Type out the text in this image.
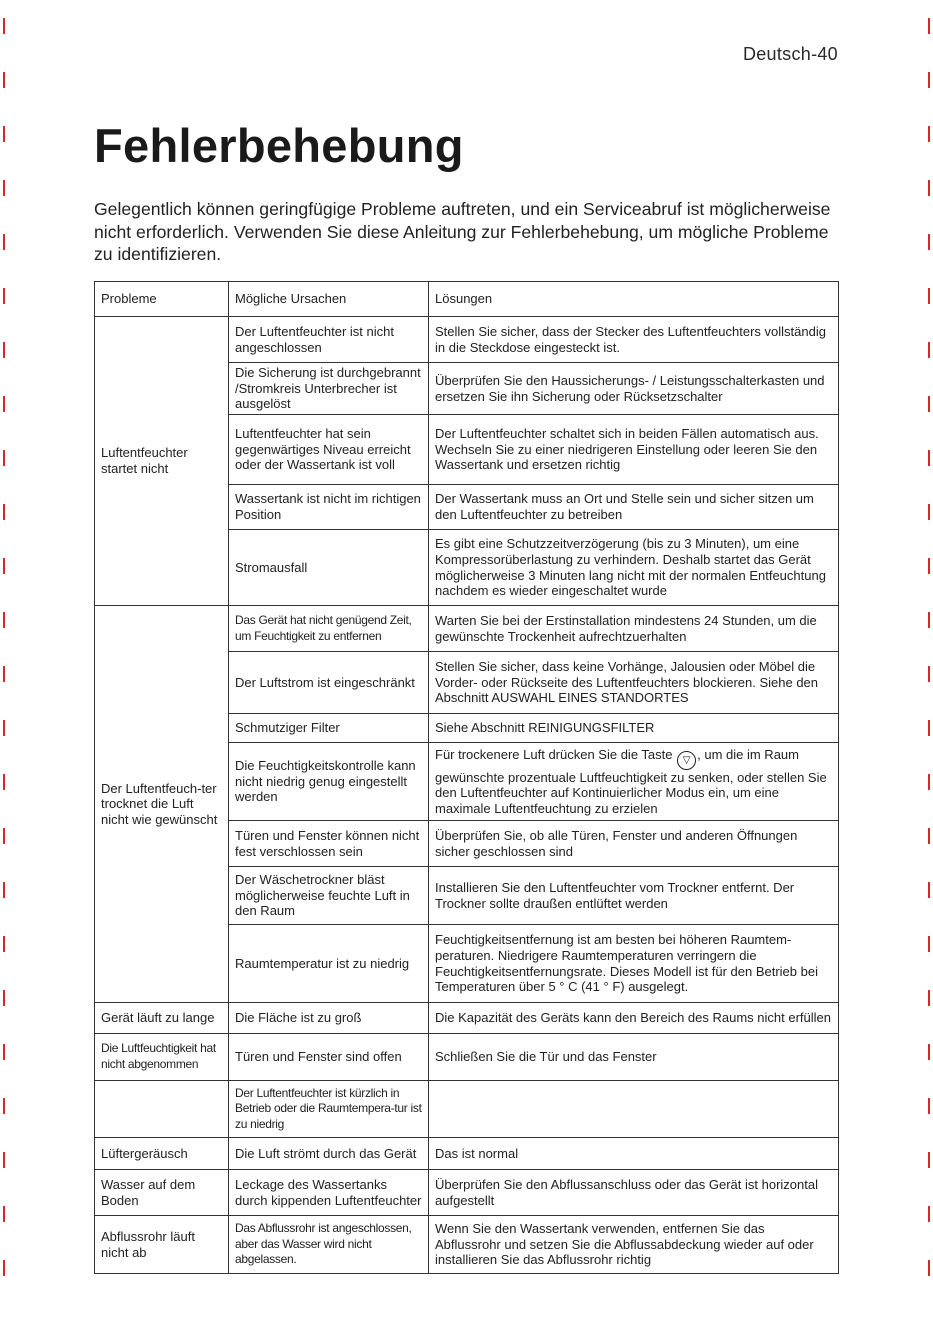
Deutsch-40
Fehlerbehebung

Gelegentlich können geringfügige Probleme auftreten, und ein Serviceabruf ist möglicherweise nicht erforderlich. Verwenden Sie diese Anleitung zur Fehlerbehebung, um mögliche Probleme zu identifizieren.

Probleme	Mögliche Ursachen	Lösungen
Luftentfeuchter startet nicht	Der Luftentfeuchter ist nicht angeschlossen	Stellen Sie sicher, dass der Stecker des Luftentfeuchters vollständig in die Steckdose eingesteckt ist.
	Die Sicherung ist durchgebrannt /Stromkreis Unterbrecher ist ausgelöst	Überprüfen Sie den Haussicherungs- / Leistungsschalterkasten und ersetzen Sie ihn Sicherung oder Rücksetzschalter
	Luftentfeuchter hat sein gegenwärtiges Niveau erreicht oder der Wassertank ist voll	Der Luftentfeuchter schaltet sich in beiden Fällen automatisch aus. Wechseln Sie zu einer niedrigeren Einstellung oder leeren Sie den Wassertank und ersetzen richtig
	Wassertank ist nicht im richtigen Position	Der Wassertank muss an Ort und Stelle sein und sicher sitzen um den Luftentfeuchter zu betreiben
	Stromausfall	Es gibt eine Schutzzeitverzögerung (bis zu 3 Minuten), um eine Kompressorüberlastung zu verhindern. Deshalb startet das Gerät möglicherweise 3 Minuten lang nicht mit der normalen Entfeuchtung nachdem es wieder eingeschaltet wurde
Der Luftentfeuch-ter trocknet die Luft nicht wie gewünscht	Das Gerät hat nicht genügend Zeit, um Feuchtigkeit zu entfernen	Warten Sie bei der Erstinstallation mindestens 24 Stunden, um die gewünschte Trockenheit aufrechtzuerhalten
	Der Luftstrom ist eingeschränkt	Stellen Sie sicher, dass keine Vorhänge, Jalousien oder Möbel die Vorder- oder Rückseite des Luftentfeuchters blockieren. Siehe den Abschnitt AUSWAHL EINES STANDORTES
	Schmutziger Filter	Siehe Abschnitt REINIGUNGSFILTER
	Die Feuchtigkeitskontrolle kann nicht niedrig genug eingestellt werden	Für trockenere Luft drücken Sie die Taste ▽ , um die im Raum gewünschte prozentuale Luftfeuchtigkeit zu senken, oder stellen Sie den Luftentfeuchter auf Kontinuierlicher Modus ein, um eine maximale Luftentfeuchtung zu erzielen
	Türen und Fenster können nicht fest verschlossen sein	Überprüfen Sie, ob alle Türen, Fenster und anderen Öffnungen sicher geschlossen sind
	Der Wäschetrockner bläst möglicherweise feuchte Luft in den Raum	Installieren Sie den Luftentfeuchter vom Trockner entfernt. Der Trockner sollte draußen entlüftet werden
	Raumtemperatur ist zu niedrig	Feuchtigkeitsentfernung ist am besten bei höheren Raumtem-peraturen. Niedrigere Raumtemperaturen verringern die Feuchtigkeitsentfernungsrate. Dieses Modell ist für den Betrieb bei Temperaturen über 5 ° C (41 ° F) ausgelegt.
Gerät läuft zu lange	Die Fläche ist zu groß	Die Kapazität des Geräts kann den Bereich des Raums nicht erfüllen
Die Luftfeuchtigkeit hat nicht abgenommen	Türen und Fenster sind offen	Schließen Sie die Tür und das Fenster
	Der Luftentfeuchter ist kürzlich in Betrieb oder die Raumtempera-tur ist zu niedrig	
Lüftergeräusch	Die Luft strömt durch das Gerät	Das ist normal
Wasser auf dem Boden	Leckage des Wassertanks durch kippenden Luftentfeuchter	Überprüfen Sie den Abflussanschluss oder das Gerät ist horizontal aufgestellt
Abflussrohr läuft nicht ab	Das Abflussrohr ist angeschlossen, aber das Wasser wird nicht abgelassen.	Wenn Sie den Wassertank verwenden, entfernen Sie das Abflussrohr und setzen Sie die Abflussabdeckung wieder auf oder installieren Sie das Abflussrohr richtig
